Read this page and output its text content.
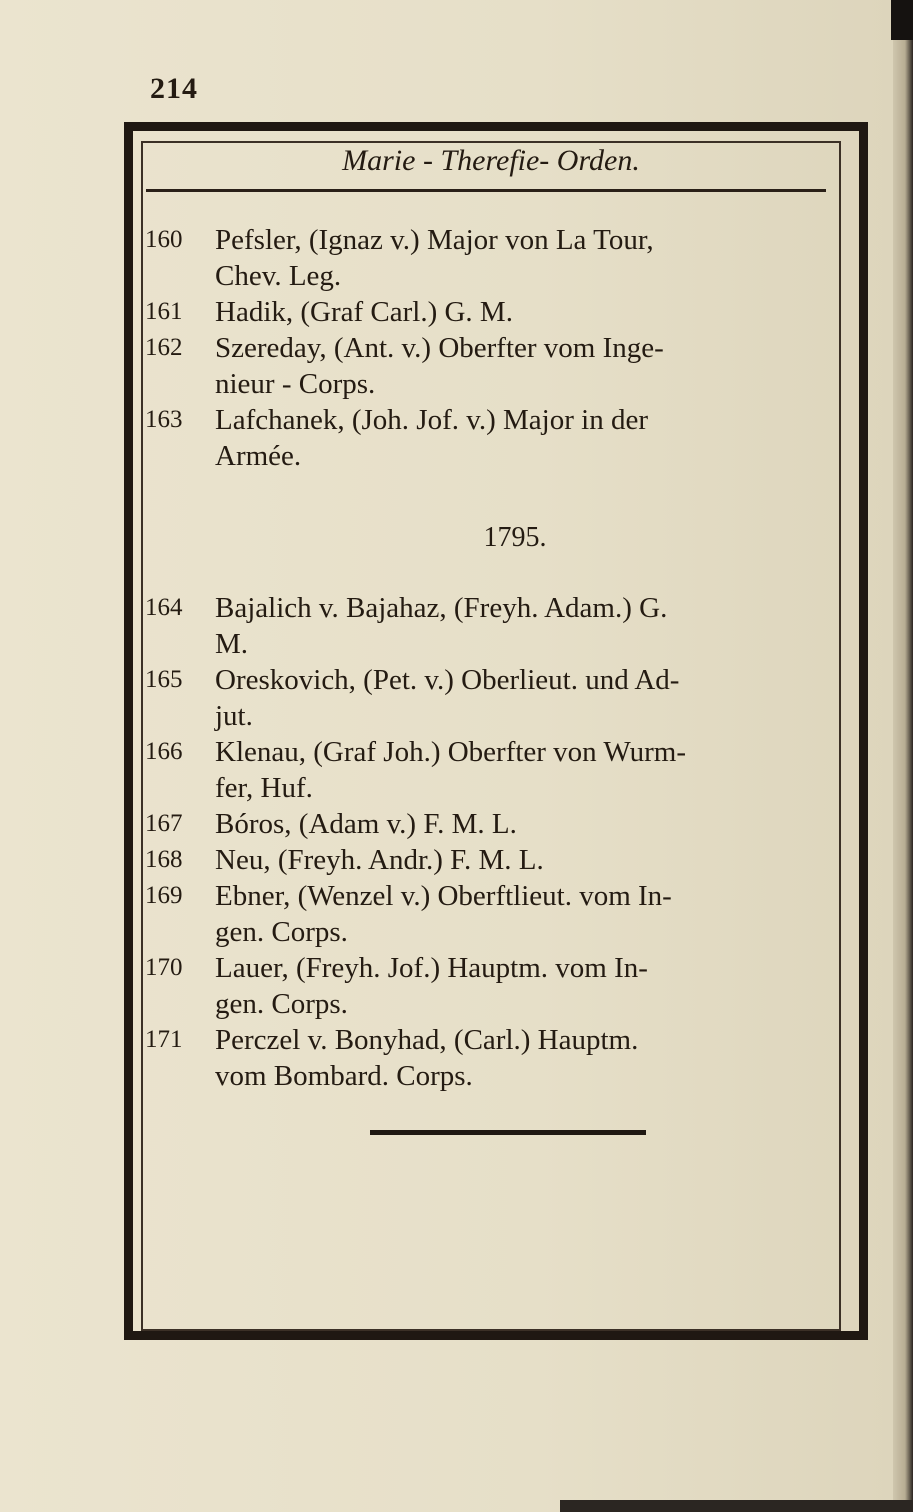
214
Marie - Therefie- Orden.
160	Pefsler, (Ignaz v.) Major von La Tour,
Chev. Leg.
161	Hadik, (Graf Carl.) G. M.
162	Szereday, (Ant. v.) Oberfter vom Inge-
nieur - Corps.
163	Lafchanek, (Joh. Jof. v.) Major in der
Armée.
1795.
164	Bajalich v. Bajahaz, (Freyh. Adam.) G.
M.
165	Oreskovich, (Pet. v.) Oberlieut. und Ad-
jut.
166	Klenau, (Graf Joh.) Oberfter von Wurm-
fer, Huf.
167	Bóros, (Adam v.) F. M. L.
168	Neu, (Freyh. Andr.) F. M. L.
169	Ebner, (Wenzel v.) Oberftlieut. vom In-
gen. Corps.
170	Lauer, (Freyh. Jof.) Hauptm. vom In-
gen. Corps.
171	Perczel v. Bonyhad, (Carl.) Hauptm.
vom Bombard. Corps.
